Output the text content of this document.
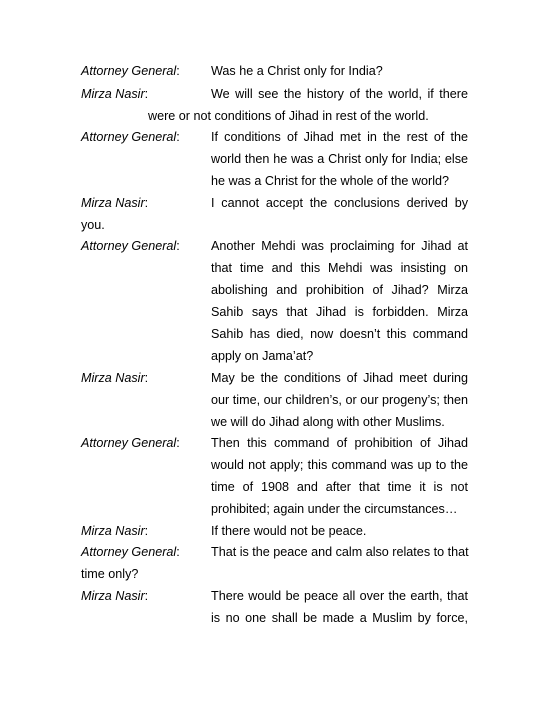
Attorney General: Was he a Christ only for India?
Mirza Nasir:	We will see the history of the world, if there
were or not conditions of Jihad in rest of the world.
Attorney General: If conditions of Jihad met in the rest of the
world then he was a Christ only for India; else
he was a Christ for the whole of the world?
Mirza Nasir:	I cannot accept the conclusions derived by
you.
Attorney General: Another Mehdi was proclaiming for Jihad at
that time and this Mehdi was insisting on
abolishing and prohibition of Jihad? Mirza
Sahib says that Jihad is forbidden. Mirza
Sahib has died, now doesn’t this command
apply on Jama’at?
Mirza Nasir:	May be the conditions of Jihad meet during
our time, our children’s, or our progeny’s; then
we will do Jihad along with other Muslims.
Attorney General: Then this command of prohibition of Jihad
would not apply; this command was up to the
time of 1908 and after that time it is not
prohibited; again under the circumstances…
Mirza Nasir:	If there would not be peace.
Attorney General: That is the peace and calm also relates to that
time only?
Mirza Nasir:	There would be peace all over the earth, that
is no one shall be made a Muslim by force,
